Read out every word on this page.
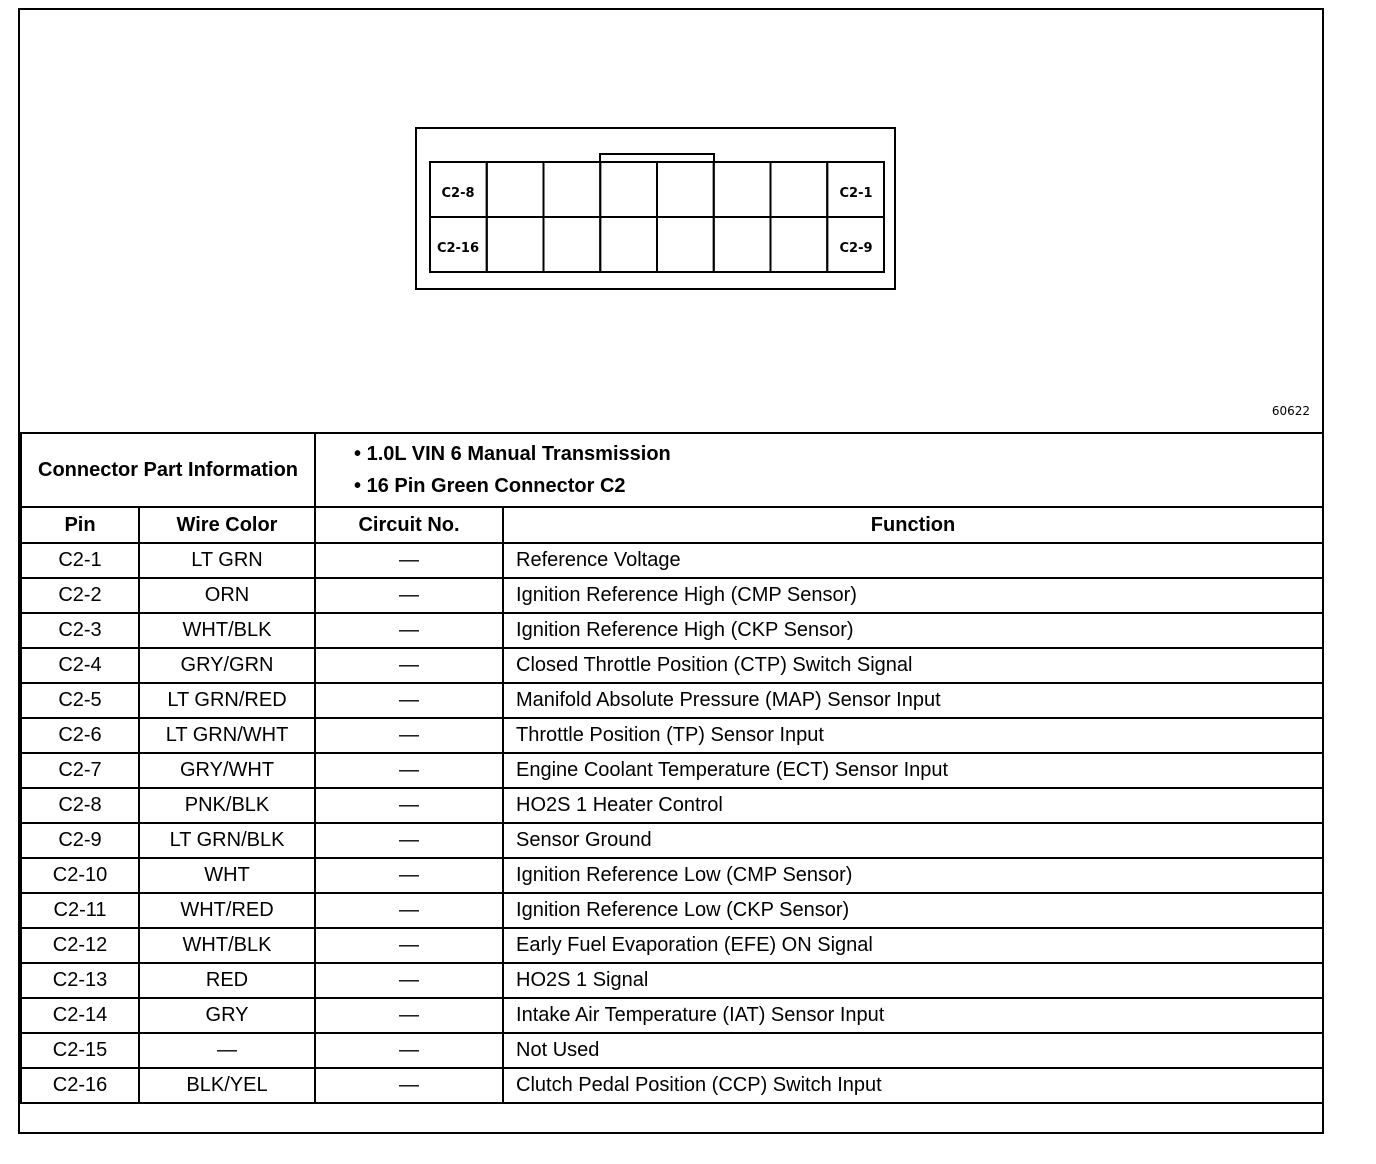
C2-8	C2-1
C2-16	C2-9
60622
Connector Part Information		• 1.0L VIN 6 Manual Transmission
• 16 Pin Green Connector C2	

Pin	Wire Color	Circuit No.	Function
C2-1	LT GRN	—	Reference Voltage
C2-2	ORN	—	Ignition Reference High (CMP Sensor)
C2-3	WHT/BLK	—	Ignition Reference High (CKP Sensor)
C2-4	GRY/GRN	—	Closed Throttle Position (CTP) Switch Signal
C2-5	LT GRN/RED	—	Manifold Absolute Pressure (MAP) Sensor Input
C2-6	LT GRN/WHT	—	Throttle Position (TP) Sensor Input
C2-7	GRY/WHT	—	Engine Coolant Temperature (ECT) Sensor Input
C2-8	PNK/BLK	—	HO2S 1 Heater Control
C2-9	LT GRN/BLK	—	Sensor Ground
C2-10	WHT	—	Ignition Reference Low (CMP Sensor)
C2-11	WHT/RED	—	Ignition Reference Low (CKP Sensor)
C2-12	WHT/BLK	—	Early Fuel Evaporation (EFE) ON Signal
C2-13	RED	—	HO2S 1 Signal
C2-14	GRY	—	Intake Air Temperature (IAT) Sensor Input
C2-15	—	—	Not Used
C2-16	BLK/YEL	—	Clutch Pedal Position (CCP) Switch Input
